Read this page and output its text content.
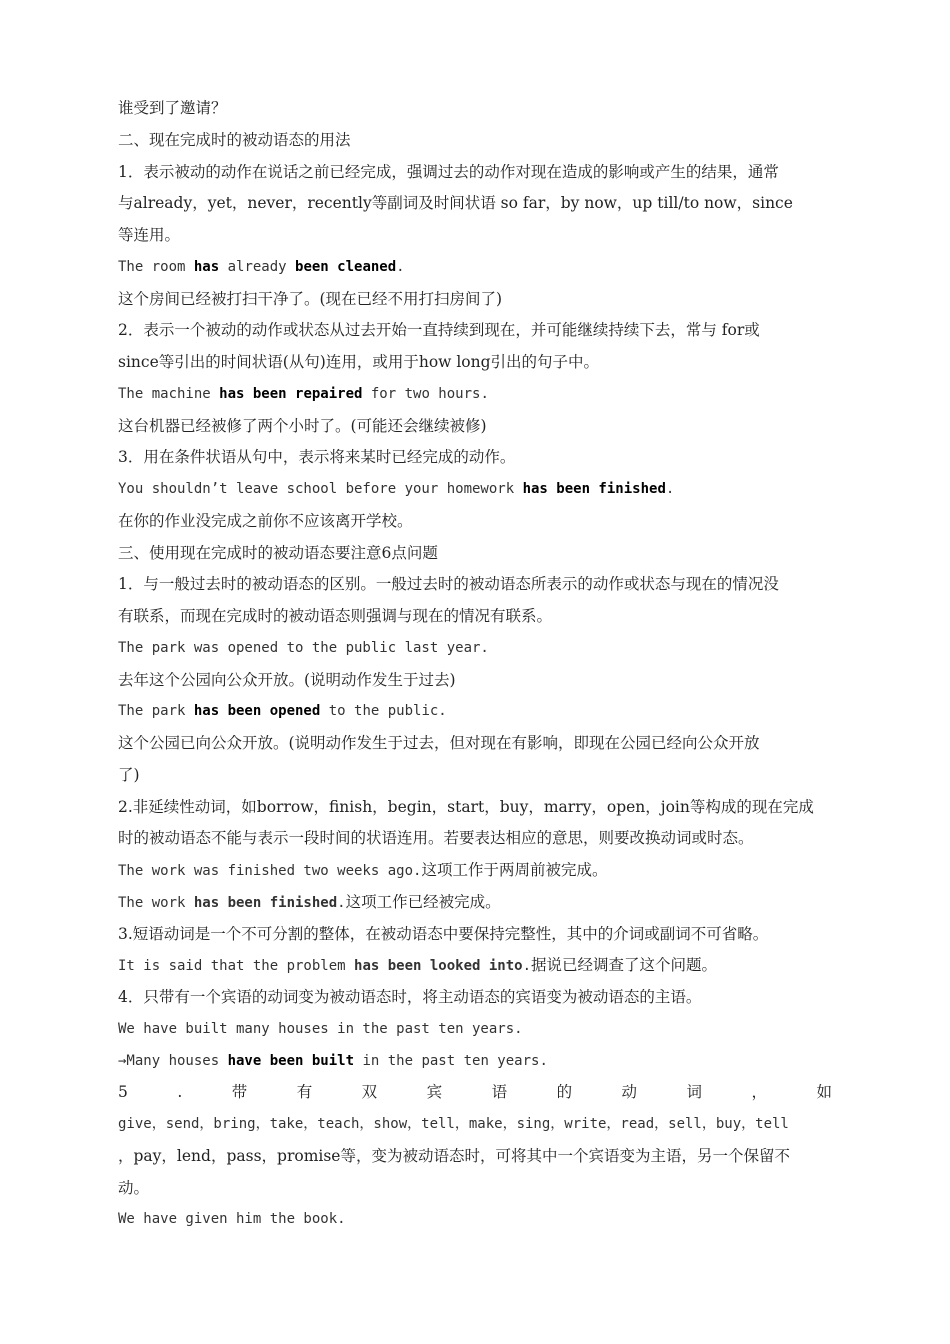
谁受到了邀请？
二、现在完成时的被动语态的用法
1．表示被动的动作在说话之前已经完成，强调过去的动作对现在造成的影响或产生的结果，通常
与already，yet，never，recently等副词及时间状语 so far，by now，up till/to now，since
等连用。
The room has already been cleaned.
这个房间已经被打扫干净了。(现在已经不用打扫房间了)
2．表示一个被动的动作或状态从过去开始一直持续到现在，并可能继续持续下去，常与 for或
since等引出的时间状语(从句)连用，或用于how long引出的句子中。
The machine has been repaired for two hours.
这台机器已经被修了两个小时了。(可能还会继续被修)
3．用在条件状语从句中，表示将来某时已经完成的动作。
You shouldn’t leave school before your homework has been finished.
在你的作业没完成之前你不应该离开学校。
三、使用现在完成时的被动语态要注意6点问题
1．与一般过去时的被动语态的区别。一般过去时的被动语态所表示的动作或状态与现在的情况没
有联系，而现在完成时的被动语态则强调与现在的情况有联系。
The park was opened to the public last year.
去年这个公园向公众开放。(说明动作发生于过去)
The park has been opened to the public.
这个公园已向公众开放。(说明动作发生于过去，但对现在有影响，即现在公园已经向公众开放
了)
2.非延续性动词，如borrow，finish，begin，start，buy，marry，open，join等构成的现在完成
时的被动语态不能与表示一段时间的状语连用。若要表达相应的意思，则要改换动词或时态。
The work was finished two weeks ago.这项工作于两周前被完成。
The work has been finished.这项工作已经被完成。
3.短语动词是一个不可分割的整体，在被动语态中要保持完整性，其中的介词或副词不可省略。
It is said that the problem has been looked into.据说已经调查了这个问题。
4．只带有一个宾语的动词变为被动语态时，将主动语态的宾语变为被动语态的主语。
We have built many houses in the past ten years.
→Many houses have been built in the past ten years.
5	.	带	有	双	宾	语	的	动	词	，	如
give，send，bring，take，teach，show，tell，make，sing，write，read，sell，buy，tell
，pay，lend，pass，promise等，变为被动语态时，可将其中一个宾语变为主语，另一个保留不
动。
We have given him the book.
